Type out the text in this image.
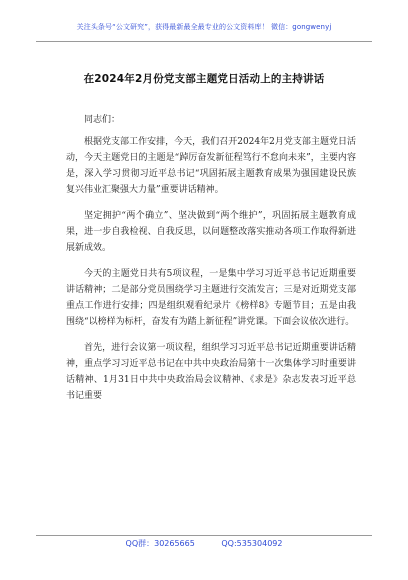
关注头条号“公文研究”，获得最新最全最专业的公文资料库！ 微信：gongwenyj
在2024年2月份党支部主题党日活动上的主持讲话

同志们：

根据党支部工作安排，今天，我们召开2024年2月党支部主题党日活动，今天主题党日的主题是“踔厉奋发新征程笃行不怠向未来”，主要内容是，深入学习贯彻习近平总书记“巩固拓展主题教育成果为强国建设民族复兴伟业汇聚强大力量”重要讲话精神。

坚定拥护“两个确立”、坚决做到“两个维护”，巩固拓展主题教育成果，进一步自我检视、自我反思，以问题整改落实推动各项工作取得新进展新成效。

今天的主题党日共有5项议程，一是集中学习习近平总书记近期重要讲话精神；二是部分党员围绕学习主题进行交流发言；三是对近期党支部重点工作进行安排；四是组织观看纪录片《榜样8》专题节目；五是由我围绕“以榜样为标杆，奋发有为踏上新征程”讲党课。下面会议依次进行。

首先，进行会议第一项议程，组织学习习近平总书记近期重要讲话精神，重点学习习近平总书记在中共中央政治局第十一次集体学习时重要讲话精神、1月31日中共中央政治局会议精神、《求是》杂志发表习近平总书记重要

QQ群：30265665	QQ:535304092
